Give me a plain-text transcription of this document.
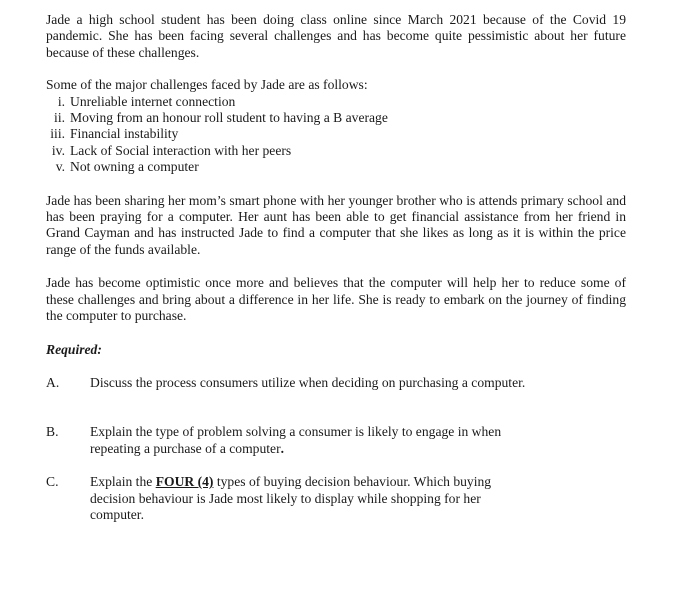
Jade a high school student has been doing class online since March 2021 because of the Covid 19 pandemic. She has been facing several challenges and has become quite pessimistic about her future because of these challenges.

Some of the major challenges faced by Jade are as follows:

i. Unreliable internet connection
ii. Moving from an honour roll student to having a B average
iii. Financial instability
iv. Lack of Social interaction with her peers
v. Not owning a computer

Jade has been sharing her mom’s smart phone with her younger brother who is attends primary school and has been praying for a computer. Her aunt has been able to get financial assistance from her friend in Grand Cayman and has instructed Jade to find a computer that she likes as long as it is within the price range of the funds available.

Jade has become optimistic once more and believes that the computer will help her to reduce some of these challenges and bring about a difference in her life. She is ready to embark on the journey of finding the computer to purchase.

Required:

A.	Discuss the process consumers utilize when deciding on purchasing a computer.
B.	Explain the type of problem solving a consumer is likely to engage in when repeating a purchase of a computer.
C.	Explain the FOUR (4) types of buying decision behaviour. Which buying decision behaviour is Jade most likely to display while shopping for her computer.
